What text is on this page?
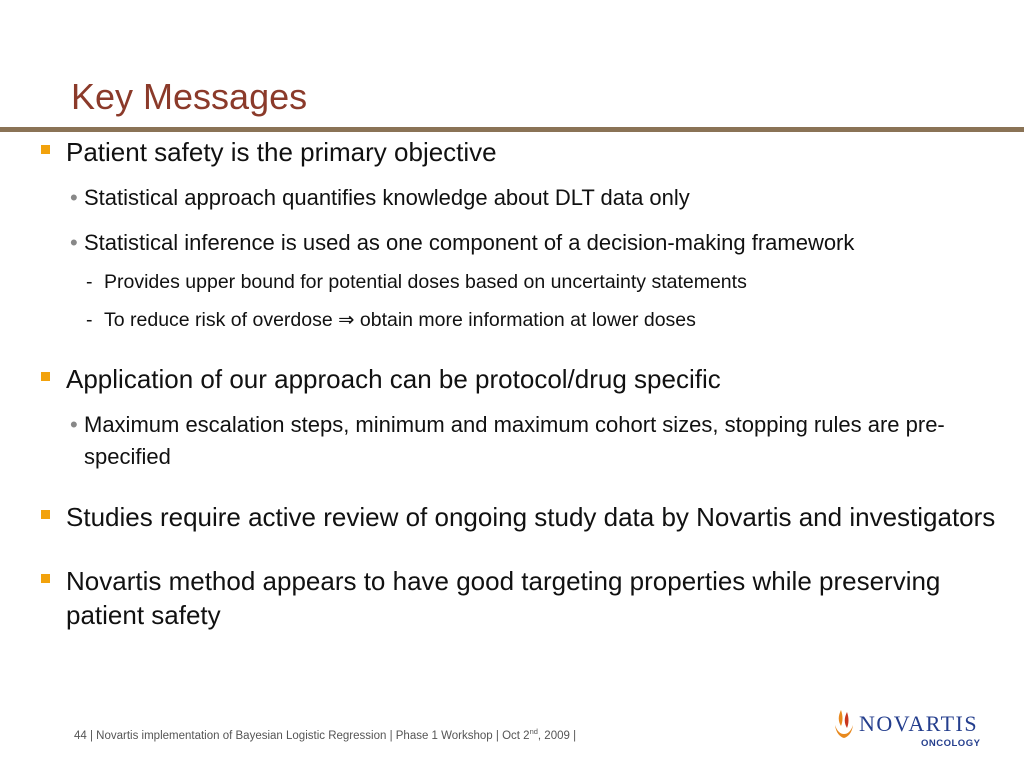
Key Messages
Patient safety is the primary objective
• Statistical approach quantifies knowledge about DLT data only
• Statistical inference is used as one component of a decision-making framework
- Provides upper bound for potential doses based on uncertainty statements
- To reduce risk of overdose ⇒ obtain more information at lower doses
Application of our approach can be protocol/drug specific
• Maximum escalation steps, minimum and maximum cohort sizes, stopping rules are pre-specified
Studies require active review of ongoing study data by Novartis and investigators
Novartis method appears to have good targeting properties while preserving patient safety
44 | Novartis implementation of Bayesian Logistic Regression | Phase 1 Workshop | Oct 2nd, 2009 |	NOVARTIS
ONCOLOGY
